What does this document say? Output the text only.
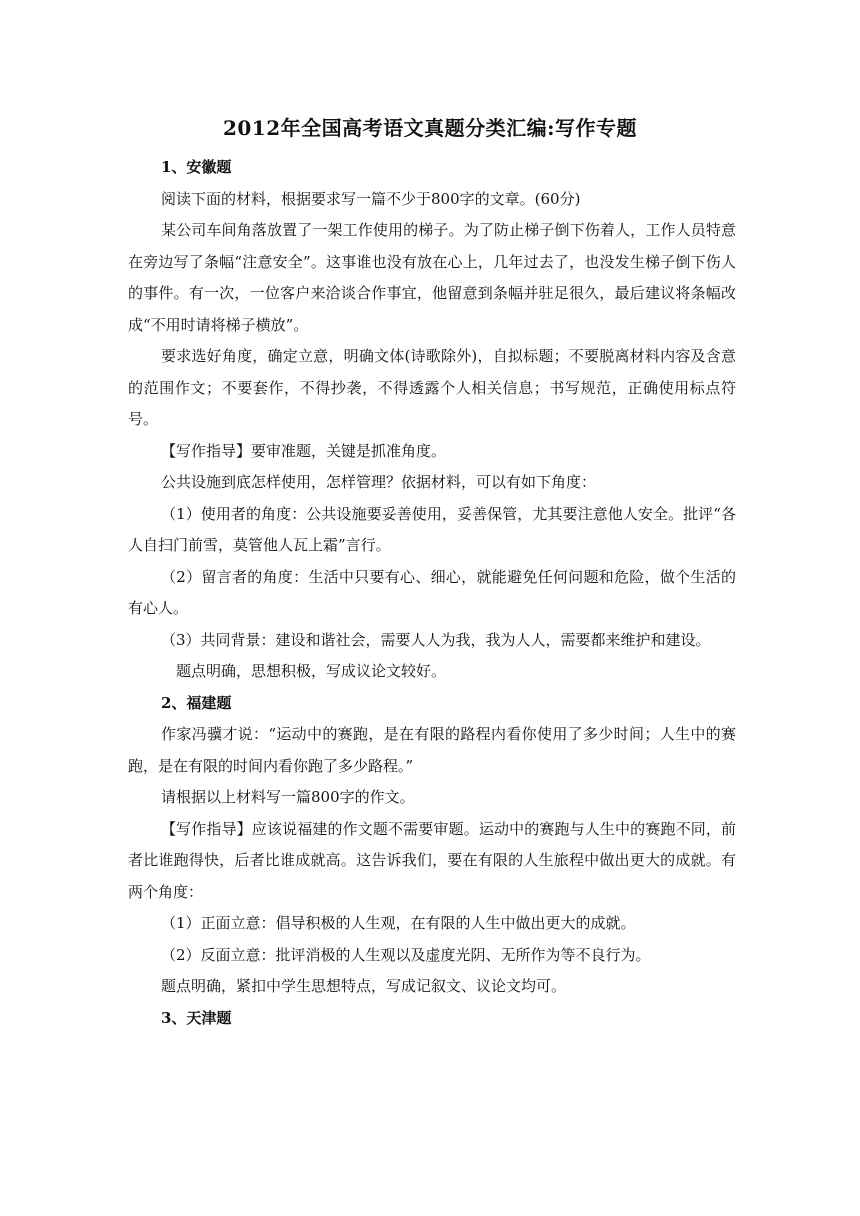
2012年全国高考语文真题分类汇编:写作专题

1、安徽题

阅读下面的材料，根据要求写一篇不少于800字的文章。(60分)

某公司车间角落放置了一架工作使用的梯子。为了防止梯子倒下伤着人，工作人员特意在旁边写了条幅“注意安全”。这事谁也没有放在心上，几年过去了，也没发生梯子倒下伤人的事件。有一次，一位客户来洽谈合作事宜，他留意到条幅并驻足很久，最后建议将条幅改成“不用时请将梯子横放”。

要求选好角度，确定立意，明确文体(诗歌除外)，自拟标题；不要脱离材料内容及含意的范围作文；不要套作，不得抄袭，不得透露个人相关信息；书写规范，正确使用标点符号。

【写作指导】要审准题，关键是抓准角度。

公共设施到底怎样使用，怎样管理？依据材料，可以有如下角度：

（1）使用者的角度：公共设施要妥善使用，妥善保管，尤其要注意他人安全。批评“各人自扫门前雪，莫管他人瓦上霜”言行。

（2）留言者的角度：生活中只要有心、细心，就能避免任何问题和危险，做个生活的有心人。

（3）共同背景：建设和谐社会，需要人人为我，我为人人，需要都来维护和建设。

题点明确，思想积极，写成议论文较好。

2、福建题

作家冯骥才说：“运动中的赛跑，是在有限的路程内看你使用了多少时间；人生中的赛跑，是在有限的时间内看你跑了多少路程。”

请根据以上材料写一篇800字的作文。

【写作指导】应该说福建的作文题不需要审题。运动中的赛跑与人生中的赛跑不同，前者比谁跑得快，后者比谁成就高。这告诉我们，要在有限的人生旅程中做出更大的成就。有两个角度：

（1）正面立意：倡导积极的人生观，在有限的人生中做出更大的成就。

（2）反面立意：批评消极的人生观以及虚度光阴、无所作为等不良行为。

题点明确，紧扣中学生思想特点，写成记叙文、议论文均可。

3、天津题
